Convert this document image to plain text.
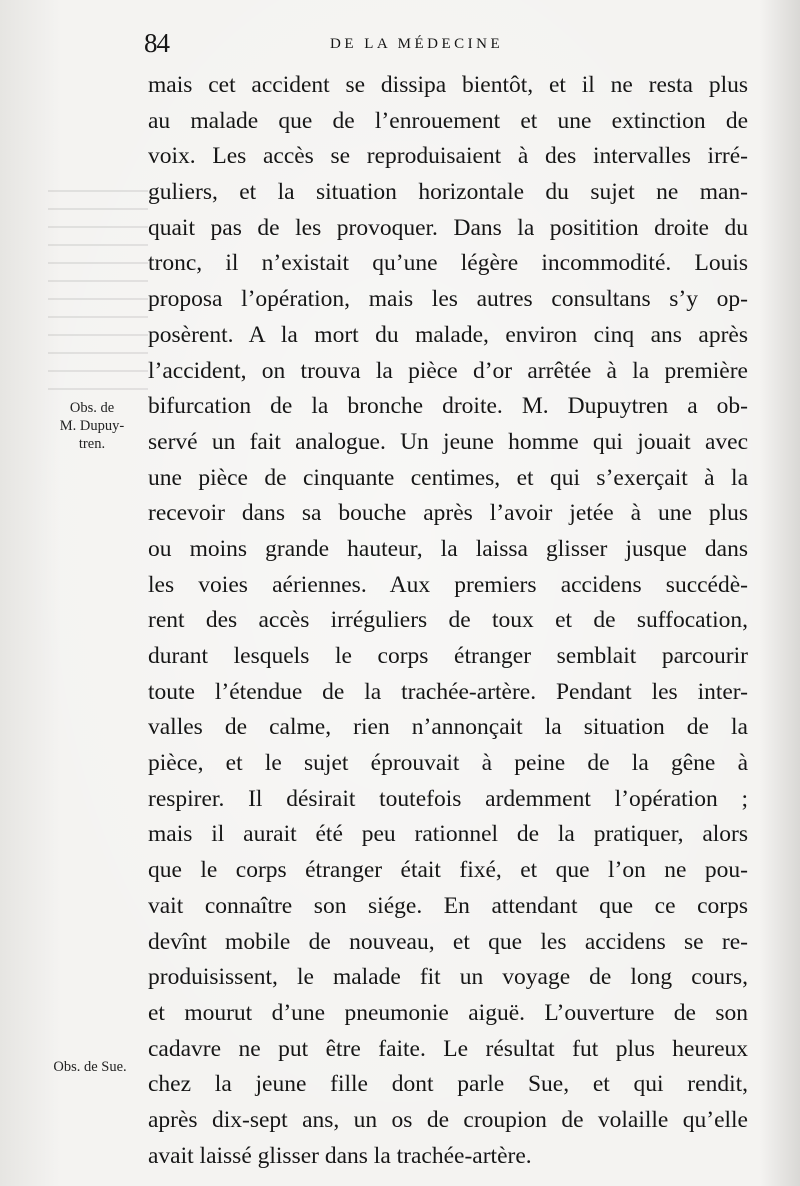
84	DE LA MÉDECINE
Obs. de
M. Dupuy-
tren.
Obs. de Sue.
mais cet accident se dissipa bientôt, et il ne resta plus
au malade que de l’enrouement et une extinction de
voix. Les accès se reproduisaient à des intervalles irré-
guliers, et la situation horizontale du sujet ne man-
quait pas de les provoquer. Dans la positition droite du
tronc, il n’existait qu’une légère incommodité. Louis
proposa l’opération, mais les autres consultans s’y op-
posèrent. A la mort du malade, environ cinq ans après
l’accident, on trouva la pièce d’or arrêtée à la première
bifurcation de la bronche droite. M. Dupuytren a ob-
servé un fait analogue. Un jeune homme qui jouait avec
une pièce de cinquante centimes, et qui s’exerçait à la
recevoir dans sa bouche après l’avoir jetée à une plus
ou moins grande hauteur, la laissa glisser jusque dans
les voies aériennes. Aux premiers accidens succédè-
rent des accès irréguliers de toux et de suffocation,
durant lesquels le corps étranger semblait parcourir
toute l’étendue de la trachée-artère. Pendant les inter-
valles de calme, rien n’annonçait la situation de la
pièce, et le sujet éprouvait à peine de la gêne à
respirer. Il désirait toutefois ardemment l’opération ;
mais il aurait été peu rationnel de la pratiquer, alors
que le corps étranger était fixé, et que l’on ne pou-
vait connaître son siége. En attendant que ce corps
devînt mobile de nouveau, et que les accidens se re-
produisissent, le malade fit un voyage de long cours,
et mourut d’une pneumonie aiguë. L’ouverture de son
cadavre ne put être faite. Le résultat fut plus heureux
chez la jeune fille dont parle Sue, et qui rendit,
après dix-sept ans, un os de croupion de volaille qu’elle
avait laissé glisser dans la trachée-artère.
